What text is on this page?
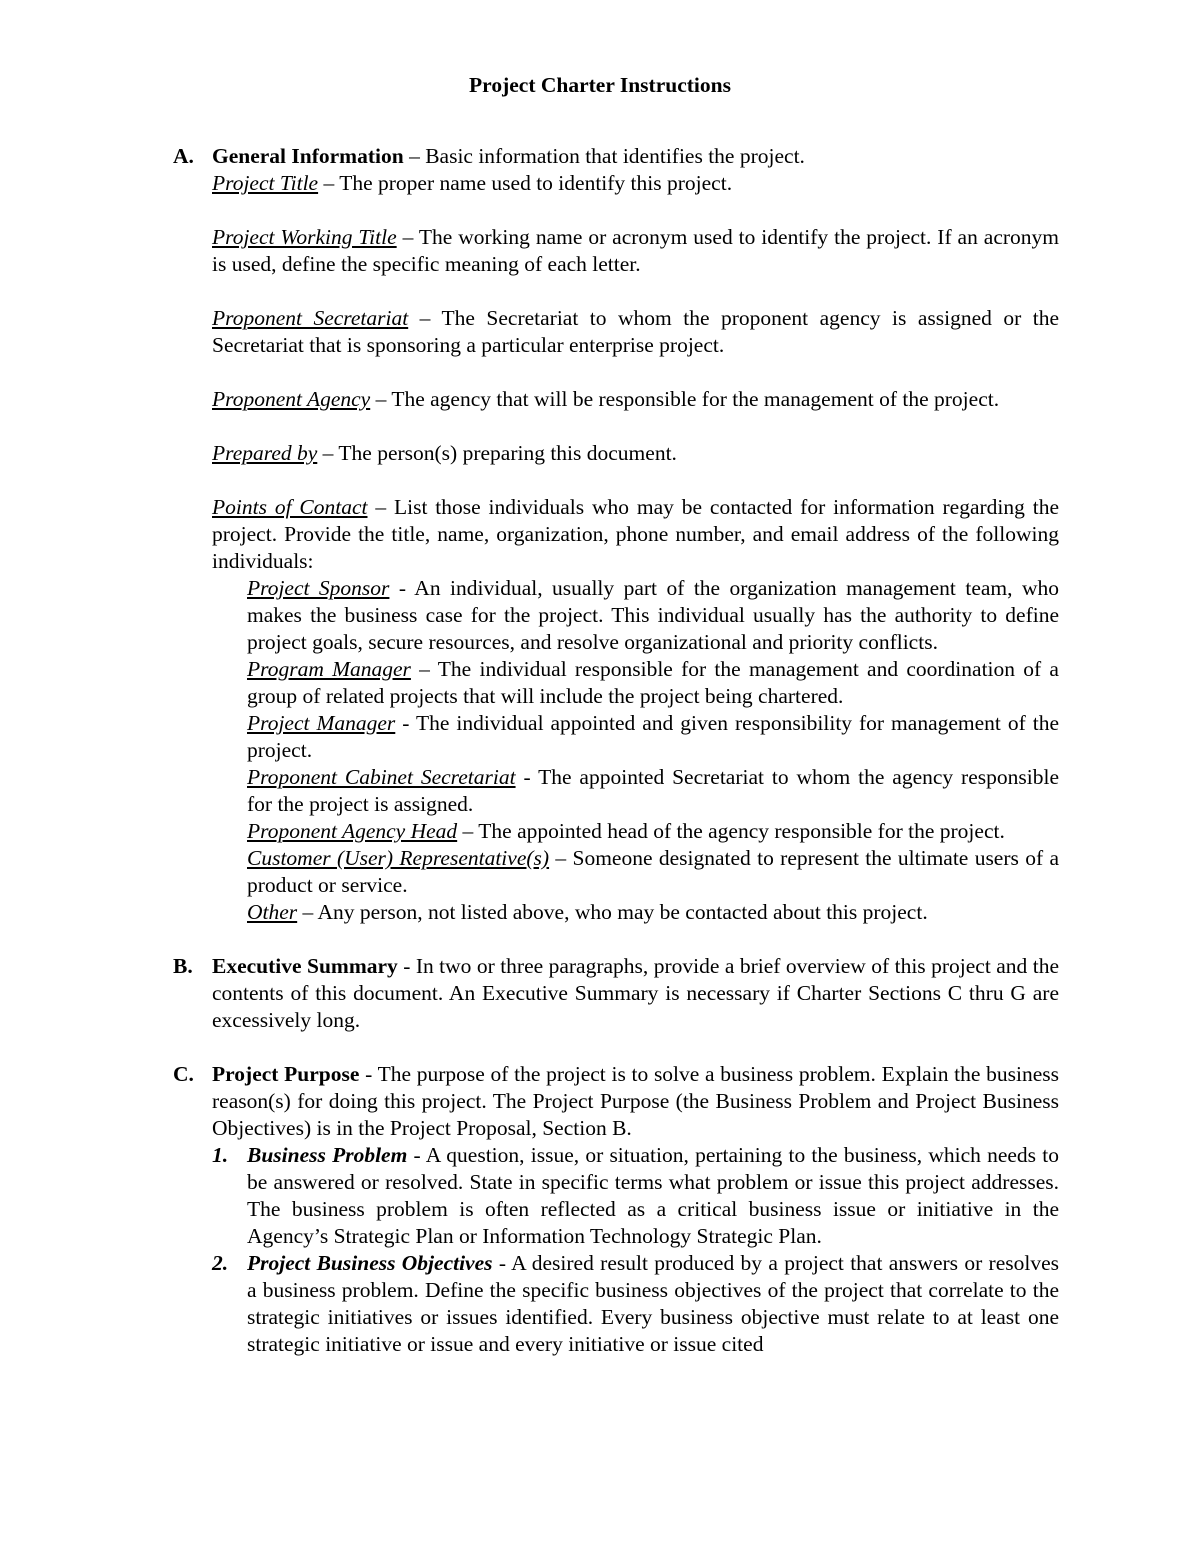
Project Charter Instructions
A. General Information – Basic information that identifies the project.

Project Title – The proper name used to identify this project.

Project Working Title – The working name or acronym used to identify the project. If an acronym is used, define the specific meaning of each letter.

Proponent Secretariat – The Secretariat to whom the proponent agency is assigned or the Secretariat that is sponsoring a particular enterprise project.

Proponent Agency – The agency that will be responsible for the management of the project.

Prepared by – The person(s) preparing this document.

Points of Contact – List those individuals who may be contacted for information regarding the project. Provide the title, name, organization, phone number, and email address of the following individuals:

Project Sponsor - An individual, usually part of the organization management team, who makes the business case for the project. This individual usually has the authority to define project goals, secure resources, and resolve organizational and priority conflicts.

Program Manager – The individual responsible for the management and coordination of a group of related projects that will include the project being chartered.

Project Manager - The individual appointed and given responsibility for management of the project.

Proponent Cabinet Secretariat - The appointed Secretariat to whom the agency responsible for the project is assigned.

Proponent Agency Head – The appointed head of the agency responsible for the project.

Customer (User) Representative(s) – Someone designated to represent the ultimate users of a product or service.

Other – Any person, not listed above, who may be contacted about this project.

B. Executive Summary - In two or three paragraphs, provide a brief overview of this project and the contents of this document. An Executive Summary is necessary if Charter Sections C thru G are excessively long.

C. Project Purpose - The purpose of the project is to solve a business problem. Explain the business reason(s) for doing this project. The Project Purpose (the Business Problem and Project Business Objectives) is in the Project Proposal, Section B.

1. Business Problem - A question, issue, or situation, pertaining to the business, which needs to be answered or resolved. State in specific terms what problem or issue this project addresses. The business problem is often reflected as a critical business issue or initiative in the Agency’s Strategic Plan or Information Technology Strategic Plan.
2. Project Business Objectives - A desired result produced by a project that answers or resolves a business problem. Define the specific business objectives of the project that correlate to the strategic initiatives or issues identified. Every business objective must relate to at least one strategic initiative or issue and every initiative or issue cited
